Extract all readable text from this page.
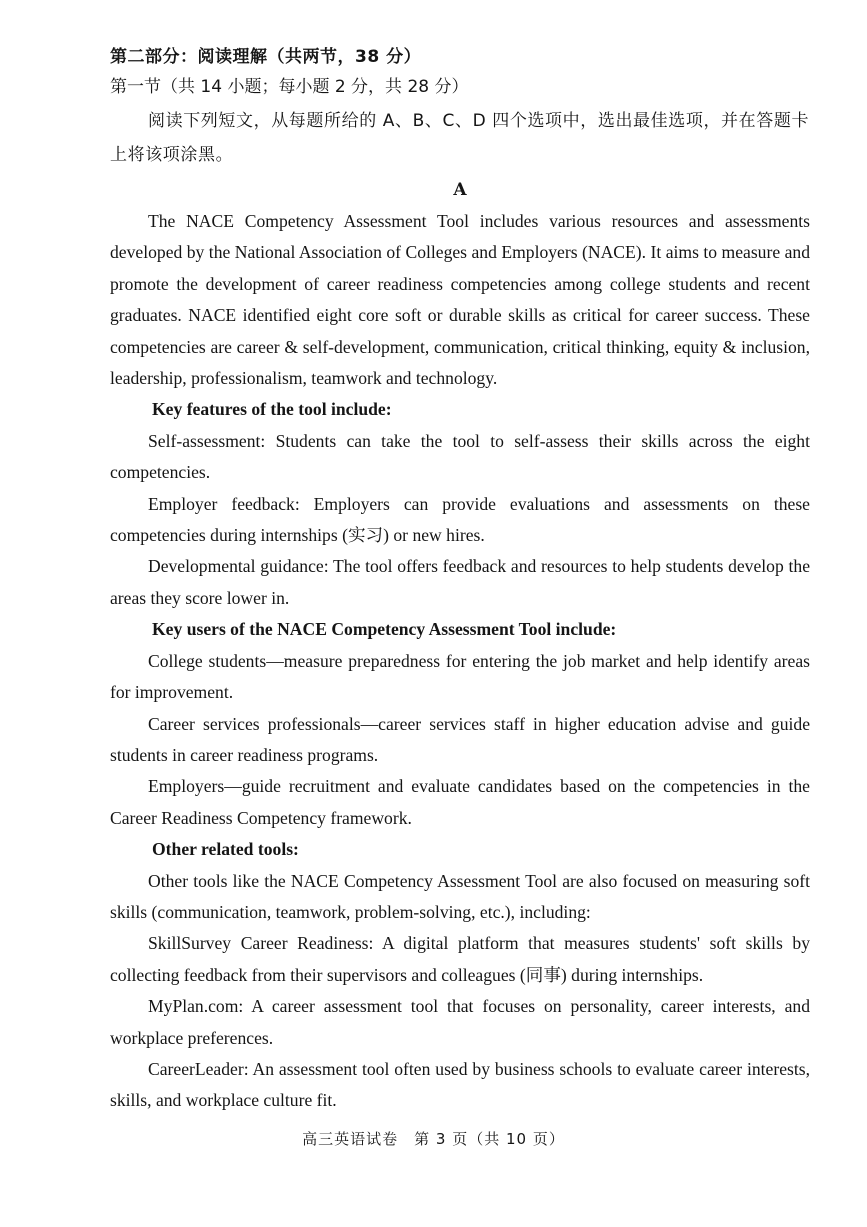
第二部分：阅读理解（共两节，38 分）

第一节（共 14 小题；每小题 2 分，共 28 分）

阅读下列短文，从每题所给的 A、B、C、D 四个选项中，选出最佳选项，并在答题卡上将该项涂黑。

A

The NACE Competency Assessment Tool includes various resources and assessments developed by the National Association of Colleges and Employers (NACE). It aims to measure and promote the development of career readiness competencies among college students and recent graduates. NACE identified eight core soft or durable skills as critical for career success. These competencies are career & self-development, communication, critical thinking, equity & inclusion, leadership, professionalism, teamwork and technology.

Key features of the tool include:

Self-assessment: Students can take the tool to self-assess their skills across the eight competencies.

Employer feedback: Employers can provide evaluations and assessments on these competencies during internships (实习) or new hires.

Developmental guidance: The tool offers feedback and resources to help students develop the areas they score lower in.

Key users of the NACE Competency Assessment Tool include:

College students—measure preparedness for entering the job market and help identify areas for improvement.

Career services professionals—career services staff in higher education advise and guide students in career readiness programs.

Employers—guide recruitment and evaluate candidates based on the competencies in the Career Readiness Competency framework.

Other related tools:

Other tools like the NACE Competency Assessment Tool are also focused on measuring soft skills (communication, teamwork, problem-solving, etc.), including:

SkillSurvey Career Readiness: A digital platform that measures students' soft skills by collecting feedback from their supervisors and colleagues (同事) during internships.

MyPlan.com: A career assessment tool that focuses on personality, career interests, and workplace preferences.

CareerLeader: An assessment tool often used by business schools to evaluate career interests, skills, and workplace culture fit.

高三英语试卷　第 3 页（共 10 页）
